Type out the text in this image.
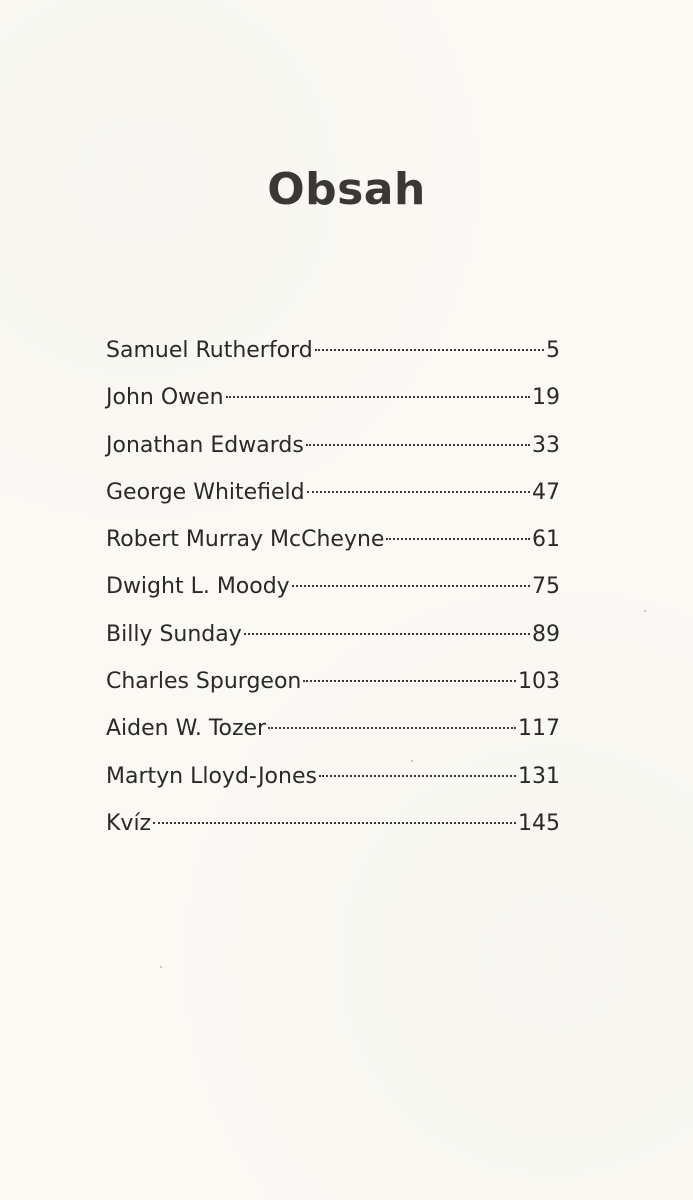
Obsah
Samuel Rutherford	5
John Owen	19
Jonathan Edwards	33
George Whitefield	47
Robert Murray McCheyne	61
Dwight L. Moody	75
Billy Sunday	89
Charles Spurgeon	103
Aiden W. Tozer	117
Martyn Lloyd-Jones	131
Kvíz	145
